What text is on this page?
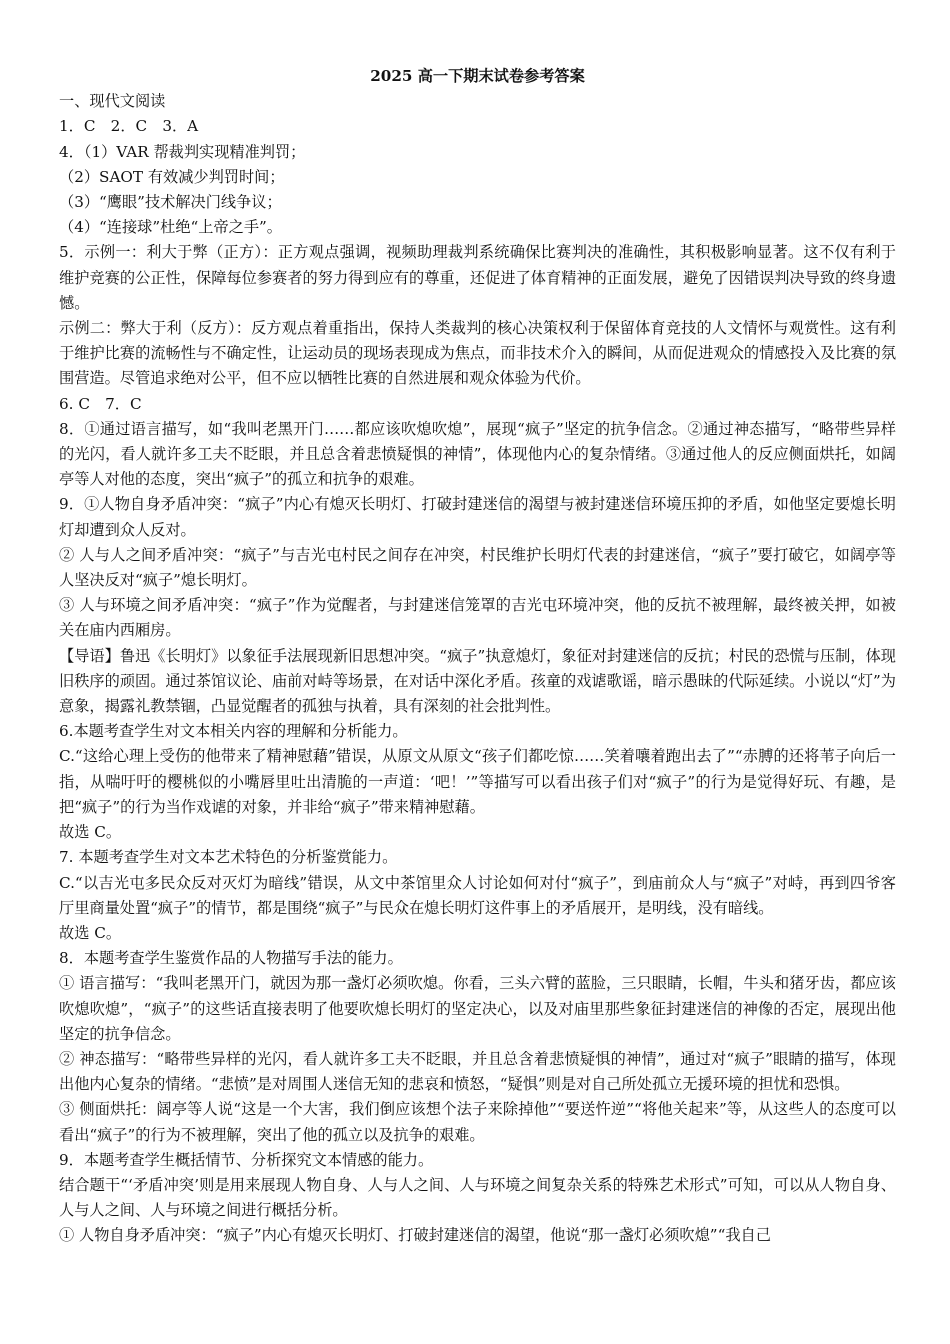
2025 高一下期末试卷参考答案

一、现代文阅读

1．C　2．C　3．A

4．（1）VAR 帮裁判实现精准判罚；

（2）SAOT 有效减少判罚时间；

（3）“鹰眼”技术解决门线争议；

（4）“连接球”杜绝“上帝之手”。

5．示例一：利大于弊（正方）：正方观点强调，视频助理裁判系统确保比赛判决的准确性，其积极影响显著。这不仅有利于维护竞赛的公正性，保障每位参赛者的努力得到应有的尊重，还促进了体育精神的正面发展，避免了因错误判决导致的终身遗憾。

示例二：弊大于利（反方）：反方观点着重指出，保持人类裁判的核心决策权利于保留体育竞技的人文情怀与观赏性。这有利于维护比赛的流畅性与不确定性，让运动员的现场表现成为焦点，而非技术介入的瞬间，从而促进观众的情感投入及比赛的氛围营造。尽管追求绝对公平，但不应以牺牲比赛的自然进展和观众体验为代价。

6. C　7．C

8．①通过语言描写，如“我叫老黑开门……都应该吹熄吹熄”，展现“疯子”坚定的抗争信念。②通过神态描写，“略带些异样的光闪，看人就许多工夫不眨眼，并且总含着悲愤疑惧的神情”，体现他内心的复杂情绪。③通过他人的反应侧面烘托，如阔亭等人对他的态度，突出“疯子”的孤立和抗争的艰难。

9．①人物自身矛盾冲突：“疯子”内心有熄灭长明灯、打破封建迷信的渴望与被封建迷信环境压抑的矛盾，如他坚定要熄长明灯却遭到众人反对。

② 人与人之间矛盾冲突：“疯子”与吉光屯村民之间存在冲突，村民维护长明灯代表的封建迷信，“疯子”要打破它，如阔亭等人坚决反对“疯子”熄长明灯。

③ 人与环境之间矛盾冲突：“疯子”作为觉醒者，与封建迷信笼罩的吉光屯环境冲突，他的反抗不被理解，最终被关押，如被关在庙内西厢房。

【导语】鲁迅《长明灯》以象征手法展现新旧思想冲突。“疯子”执意熄灯，象征对封建迷信的反抗；村民的恐慌与压制，体现旧秩序的顽固。通过茶馆议论、庙前对峙等场景，在对话中深化矛盾。孩童的戏谑歌谣，暗示愚昧的代际延续。小说以“灯”为意象，揭露礼教禁锢，凸显觉醒者的孤独与执着，具有深刻的社会批判性。

6.本题考查学生对文本相关内容的理解和分析能力。

C.“这给心理上受伤的他带来了精神慰藉”错误，从原文从原文“孩子们都吃惊……笑着嚷着跑出去了”“赤膊的还将苇子向后一指，从喘吁吁的樱桃似的小嘴唇里吐出清脆的一声道：‘吧！’”等描写可以看出孩子们对“疯子”的行为是觉得好玩、有趣，是把“疯子”的行为当作戏谑的对象，并非给“疯子”带来精神慰藉。

故选 C。

7. 本题考查学生对文本艺术特色的分析鉴赏能力。

C.“以吉光屯多民众反对灭灯为暗线”错误，从文中茶馆里众人讨论如何对付“疯子”，到庙前众人与“疯子”对峙，再到四爷客厅里商量处置“疯子”的情节，都是围绕“疯子”与民众在熄长明灯这件事上的矛盾展开，是明线，没有暗线。

故选 C。

8．本题考查学生鉴赏作品的人物描写手法的能力。

① 语言描写：“我叫老黑开门，就因为那一盏灯必须吹熄。你看，三头六臂的蓝脸，三只眼睛，长帽，牛头和猪牙齿，都应该吹熄吹熄”，“疯子”的这些话直接表明了他要吹熄长明灯的坚定决心，以及对庙里那些象征封建迷信的神像的否定，展现出他坚定的抗争信念。

② 神态描写：“略带些异样的光闪，看人就许多工夫不眨眼，并且总含着悲愤疑惧的神情”，通过对“疯子”眼睛的描写，体现出他内心复杂的情绪。“悲愤”是对周围人迷信无知的悲哀和愤怒，“疑惧”则是对自己所处孤立无援环境的担忧和恐惧。

③ 侧面烘托：阔亭等人说“这是一个大害，我们倒应该想个法子来除掉他”“要送忤逆”“将他关起来”等，从这些人的态度可以看出“疯子”的行为不被理解，突出了他的孤立以及抗争的艰难。

9．本题考查学生概括情节、分析探究文本情感的能力。

结合题干“‘矛盾冲突’则是用来展现人物自身、人与人之间、人与环境之间复杂关系的特殊艺术形式”可知，可以从人物自身、人与人之间、人与环境之间进行概括分析。

① 人物自身矛盾冲突：“疯子”内心有熄灭长明灯、打破封建迷信的渴望，他说“那一盏灯必须吹熄”“我自己
